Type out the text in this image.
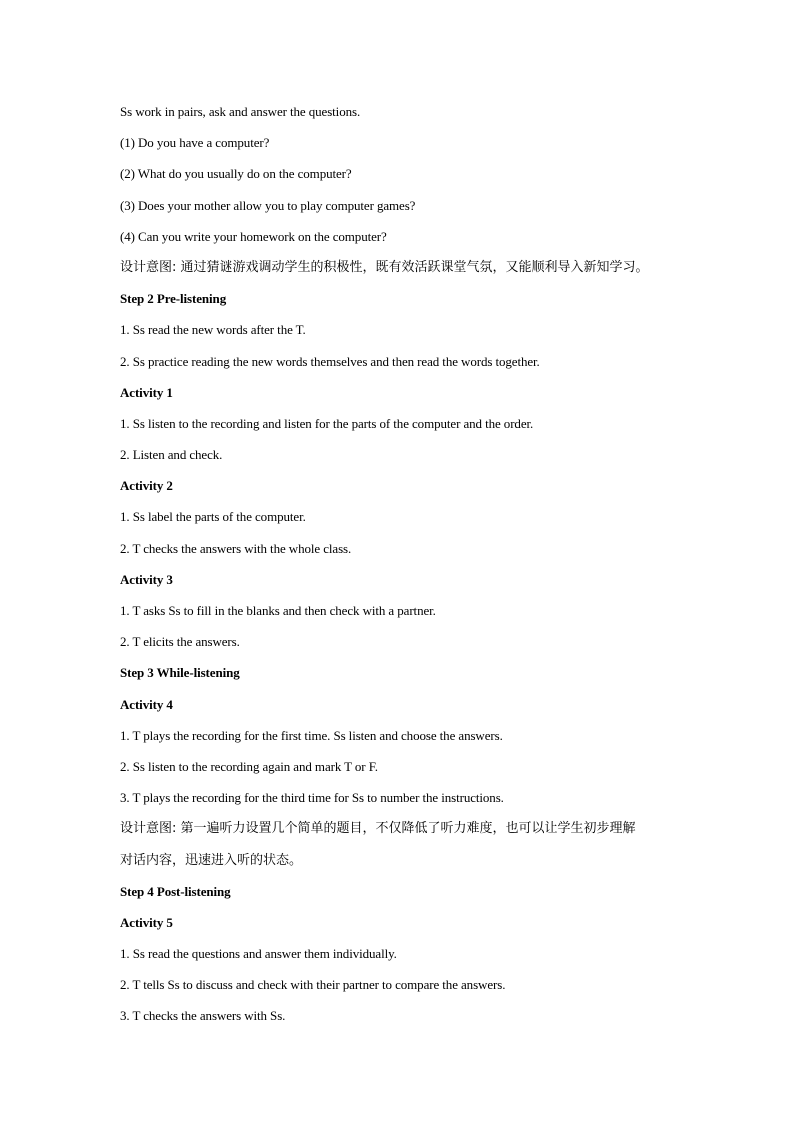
Ss work in pairs, ask and answer the questions.
(1) Do you have a computer?
(2) What do you usually do on the computer?
(3) Does your mother allow you to play computer games?
(4) Can you write your homework on the computer?
设计意图: 通过猜谜游戏调动学生的积极性，既有效活跃课堂气氛，又能顺利导入新知学习。
Step 2 Pre-listening
1. Ss read the new words after the T.
2. Ss practice reading the new words themselves and then read the words together.
Activity 1
1. Ss listen to the recording and listen for the parts of the computer and the order.
2. Listen and check.
Activity 2
1. Ss label the parts of the computer.
2. T checks the answers with the whole class.
Activity 3
1. T asks Ss to fill in the blanks and then check with a partner.
2. T elicits the answers.
Step 3 While-listening
Activity 4
1. T plays the recording for the first time. Ss listen and choose the answers.
2. Ss listen to the recording again and mark T or F.
3. T plays the recording for the third time for Ss to number the instructions.
设计意图: 第一遍听力设置几个简单的题目，不仅降低了听力难度，也可以让学生初步理解
对话内容，迅速进入听的状态。
Step 4 Post-listening
Activity 5
1. Ss read the questions and answer them individually.
2. T tells Ss to discuss and check with their partner to compare the answers.
3. T checks the answers with Ss.
